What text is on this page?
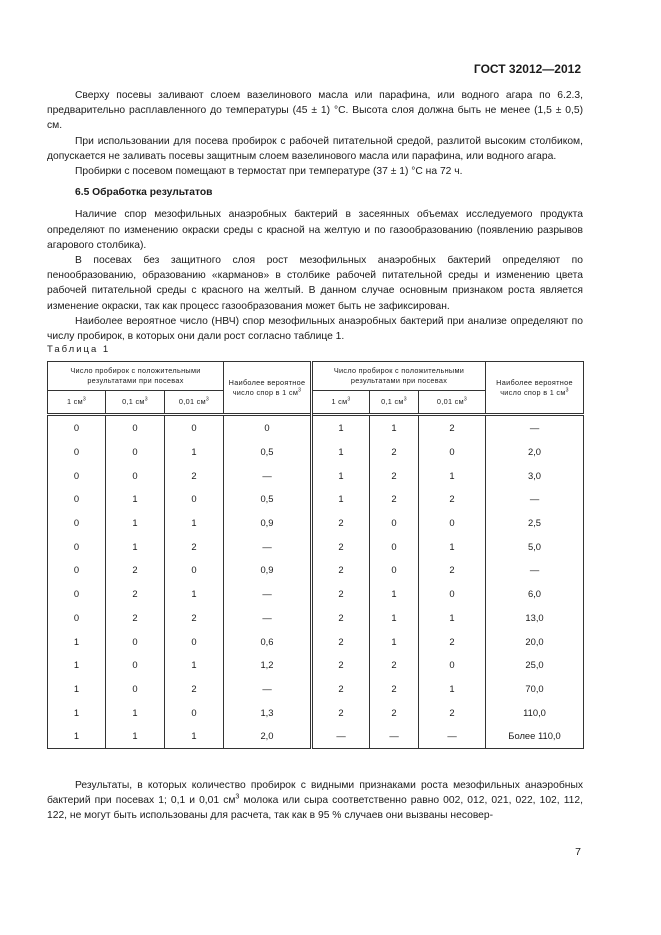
ГОСТ 32012—2012

Сверху посевы заливают слоем вазелинового масла или парафина, или водного агара по 6.2.3, предварительно расплавленного до температуры (45 ± 1) °С. Высота слоя должна быть не менее (1,5 ± 0,5) см.

При использовании для посева пробирок с рабочей питательной средой, разлитой высоким столбиком, допускается не заливать посевы защитным слоем вазелинового масла или парафина, или водного агара.

Пробирки с посевом помещают в термостат при температуре (37 ± 1) °С на 72 ч.

6.5 Обработка результатов

Наличие спор мезофильных анаэробных бактерий в засеянных объемах исследуемого продукта определяют по изменению окраски среды с красной на желтую и по газообразованию (появлению разрывов агарового столбика).

В посевах без защитного слоя рост мезофильных анаэробных бактерий определяют по пенообразованию, образованию «карманов» в столбике рабочей питательной среды и изменению цвета рабочей питательной среды с красного на желтый. В данном случае основным признаком роста является изменение окраски, так как процесс газообразования может быть не зафиксирован.

Наиболее вероятное число (НВЧ) спор мезофильных анаэробных бактерий при анализе определяют по числу пробирок, в которых они дали рост согласно таблице 1.

Таблица 1
Число пробирок с положительными результатами при посевах			Наиболее вероятное число спор в 1 $см^3$	Число пробирок с положительными результатами при посевах			Наиболее вероятное число спор в 1 $см^3$
1 $см^3$	0,1 $см^3$	0,01 $см^3$		1 $см^3$	0,1 $см^3$	0,01 $см^3$
0	0	0	0	1	1	2	—
0	0	1	0,5	1	2	0	2,0
0	0	2	—	1	2	1	3,0
0	1	0	0,5	1	2	2	—
0	1	1	0,9	2	0	0	2,5
0	1	2	—	2	0	1	5,0
0	2	0	0,9	2	0	2	—
0	2	1	—	2	1	0	6,0
0	2	2	—	2	1	1	13,0
1	0	0	0,6	2	1	2	20,0
1	0	1	1,2	2	2	0	25,0
1	0	2	—	2	2	1	70,0
1	1	0	1,3	2	2	2	110,0
1	1	1	2,0	—	—	—	Более 110,0

Результаты, в которых количество пробирок с видными признаками роста мезофильных анаэробных бактерий при посевах 1; 0,1 и 0,01 $см^3$ молока или сыра соответственно равно 002, 012, 021, 022, 102, 112, 122, не могут быть использованы для расчета, так как в 95 % случаев они вызваны несовер-

7
